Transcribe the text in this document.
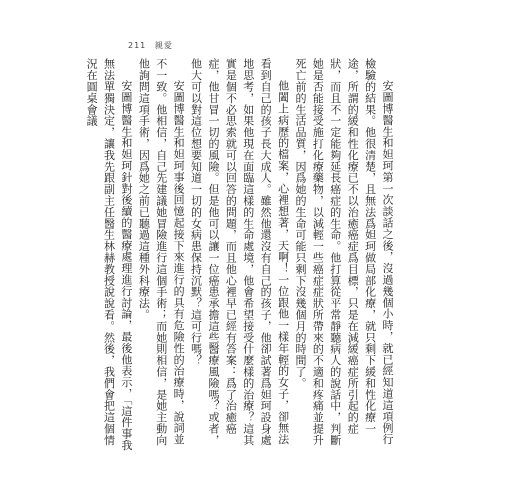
211 親愛

安圖博醫生和妲珂第一次談話之後，沒過幾個小時，就已經知道這項例行檢驗的結果。他很清楚，且無法爲妲珂做局部化療，就只剩下緩和性化療一途，所謂的緩和性化療已不以治癒癌症爲目標，只是在減緩癌症所引起的症狀，而且不一定能夠延長癌症的生命。他打算從平常靜聽病人的說話中，判斷她是否能接受施打化療藥物，以減輕一些癌症症狀所帶來的不適和疼痛並提升死亡前的生活品質，因爲她的生命可能只剩下沒幾個月的時間了。

他闔上病歷的檔案，心裡想著，天啊！一位跟他一樣年輕的女子，卻無法看到自己的孩子長大成人。雖然他還沒有自己的孩子，他卻試著爲妲珂設身處地思考，如果他現在面臨這樣的生命處境，他會希望接受什麼樣的治療？這其實是個不必思索就可以回答的問題，而且他心裡早已經有答案：爲了治癒癌症，他甘冒一切的風險。但是他可以讓一位癌患承擔這些醫療風險嗎？或者，他大可以對這位想要知道一切的女病患保持沉默？這可行嗎？

安圖博醫生和妲珂事後回憶起接下來進行的具有危險性的治療時，說詞並不一致。他相信，自己先建議她冒險進行這個手術；而她則相信，是她主動向他詢問這項手術，因爲她之前已聽過這種外科療法。

安圖博醫生和妲珂針對後續的醫療處理進行討論，最後他表示，「這件事我無法單獨決定，讓我先跟副主任醫生林赫教授說說看。然後，我們會把這個情況在圓桌會議
